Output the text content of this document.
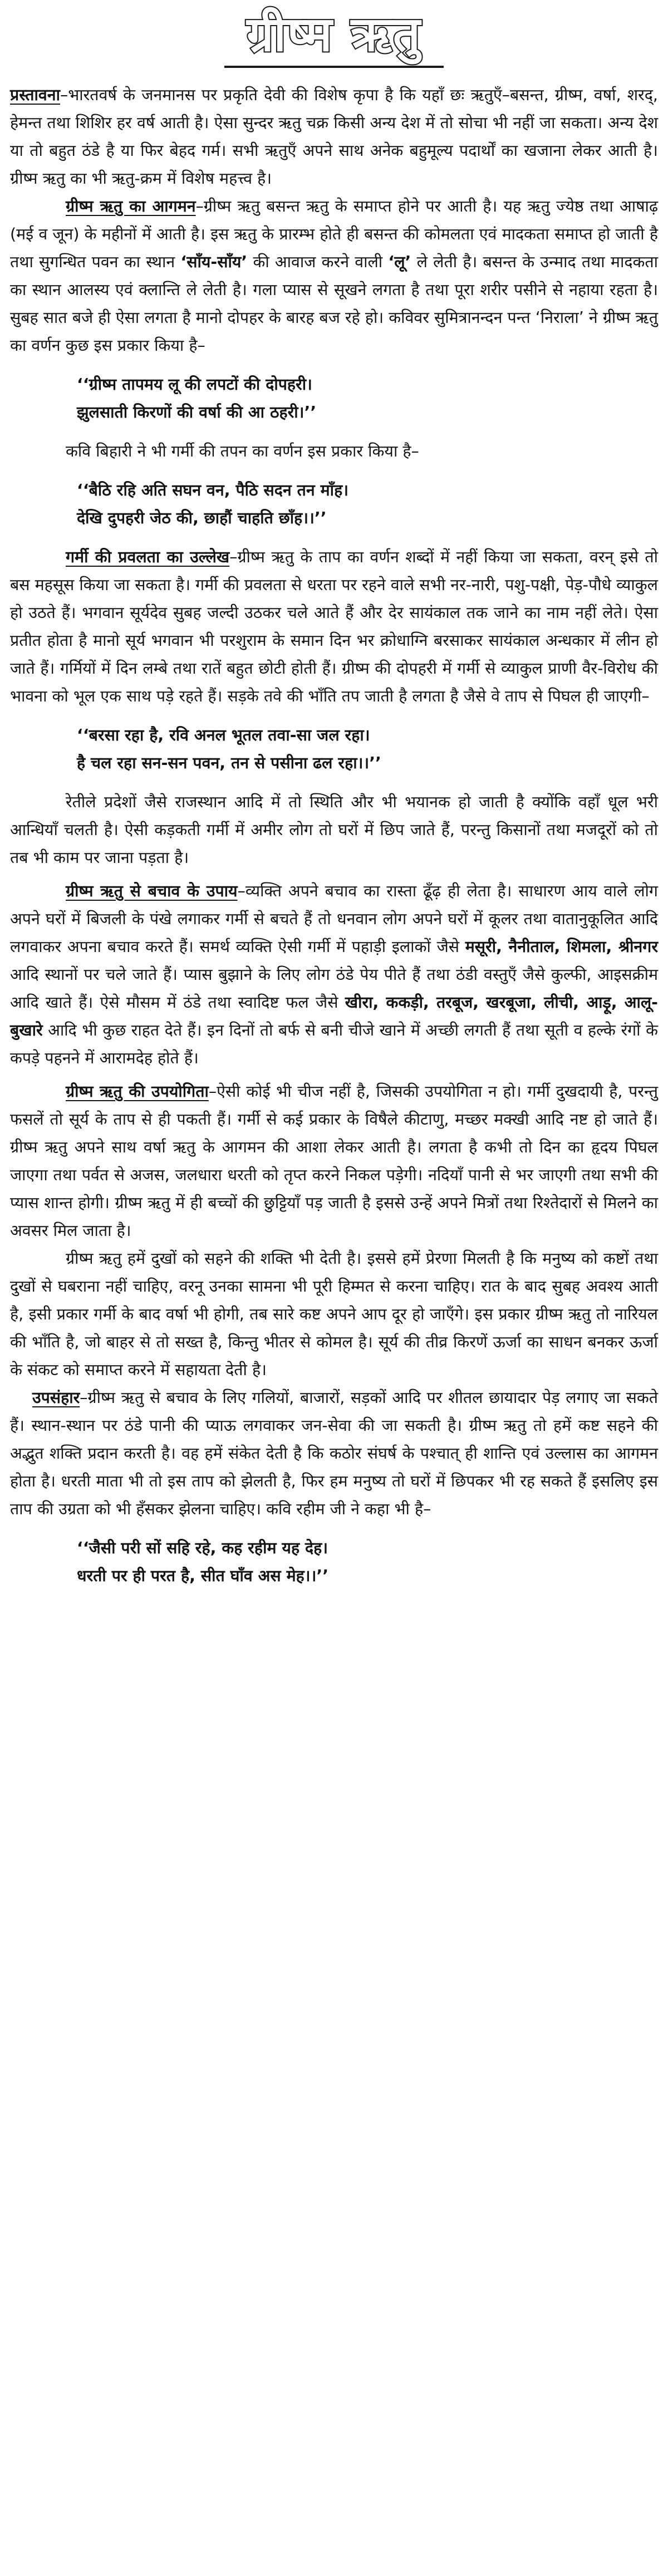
ग्रीष्म ऋतु

प्रस्तावना–भारतवर्ष के जनमानस पर प्रकृति देवी की विशेष कृपा है कि यहाँ छः ऋतुएँ–बसन्त, ग्रीष्म, वर्षा, शरद्, हेमन्त तथा शिशिर हर वर्ष आती है। ऐसा सुन्दर ऋतु चक्र किसी अन्य देश में तो सोचा भी नहीं जा सकता। अन्य देश या तो बहुत ठंडे है या फिर बेहद गर्म। सभी ऋतुएँ अपने साथ अनेक बहुमूल्य पदार्थों का खजाना लेकर आती है। ग्रीष्म ऋतु का भी ऋतु-क्रम में विशेष महत्त्व है।

ग्रीष्म ऋतु का आगमन–ग्रीष्म ऋतु बसन्त ऋतु के समाप्त होने पर आती है। यह ऋतु ज्येष्ठ तथा आषाढ़ (मई व जून) के महीनों में आती है। इस ऋतु के प्रारम्भ होते ही बसन्त की कोमलता एवं मादकता समाप्त हो जाती है तथा सुगन्धित पवन का स्थान ‘साँय-साँय’ की आवाज करने वाली ‘लू’ ले लेती है। बसन्त के उन्माद तथा मादकता का स्थान आलस्य एवं क्लान्ति ले लेती है। गला प्यास से सूखने लगता है तथा पूरा शरीर पसीने से नहाया रहता है। सुबह सात बजे ही ऐसा लगता है मानो दोपहर के बारह बज रहे हो। कविवर सुमित्रानन्दन पन्त ‘निराला’ ने ग्रीष्म ऋतु का वर्णन कुछ इस प्रकार किया है–

‘‘ग्रीष्म तापमय लू की लपटों की दोपहरी।
झुलसाती किरणों की वर्षा की आ ठहरी।’’

कवि बिहारी ने भी गर्मी की तपन का वर्णन इस प्रकार किया है–

‘‘बैठि रहि अति सघन वन, पैठि सदन तन माँह।
देखि दुपहरी जेठ की, छाहौं चाहति छाँह।।’’

गर्मी की प्रवलता का उल्लेख–ग्रीष्म ऋतु के ताप का वर्णन शब्दों में नहीं किया जा सकता, वरन् इसे तो बस महसूस किया जा सकता है। गर्मी की प्रवलता से धरता पर रहने वाले सभी नर-नारी, पशु-पक्षी, पेड़-पौधे व्याकुल हो उठते हैं। भगवान सूर्यदेव सुबह जल्दी उठकर चले आते हैं और देर सायंकाल तक जाने का नाम नहीं लेते। ऐसा प्रतीत होता है मानो सूर्य भगवान भी परशुराम के समान दिन भर क्रोधाग्नि बरसाकर सायंकाल अन्धकार में लीन हो जाते हैं। गर्मियों में दिन लम्बे तथा रातें बहुत छोटी होती हैं। ग्रीष्म की दोपहरी में गर्मी से व्याकुल प्राणी वैर-विरोध की भावना को भूल एक साथ पड़े रहते हैं। सड़के तवे की भाँति तप जाती है लगता है जैसे वे ताप से पिघल ही जाएगी–

‘‘बरसा रहा है, रवि अनल भूतल तवा-सा जल रहा।
है चल रहा सन-सन पवन, तन से पसीना ढल रहा।।’’

रेतीले प्रदेशों जैसे राजस्थान आदि में तो स्थिति और भी भयानक हो जाती है क्योंकि वहाँ धूल भरी आन्धियाँ चलती है। ऐसी कड़कती गर्मी में अमीर लोग तो घरों में छिप जाते हैं, परन्तु किसानों तथा मजदूरों को तो तब भी काम पर जाना पड़ता है।

ग्रीष्म ऋतु से बचाव के उपाय–व्यक्ति अपने बचाव का रास्ता ढूँढ़ ही लेता है। साधारण आय वाले लोग अपने घरों में बिजली के पंखे लगाकर गर्मी से बचते हैं तो धनवान लोग अपने घरों में कूलर तथा वातानुकूलित आदि लगवाकर अपना बचाव करते हैं। समर्थ व्यक्ति ऐसी गर्मी में पहाड़ी इलाकों जैसे मसूरी, नैनीताल, शिमला, श्रीनगर आदि स्थानों पर चले जाते हैं। प्यास बुझाने के लिए लोग ठंडे पेय पीते हैं तथा ठंडी वस्तुएँ जैसे कुल्फी, आइसक्रीम आदि खाते हैं। ऐसे मौसम में ठंडे तथा स्वादिष्ट फल जैसे खीरा, ककड़ी, तरबूज, खरबूजा, लीची, आड़ू, आलू-बुखारे आदि भी कुछ राहत देते हैं। इन दिनों तो बर्फ से बनी चीजे खाने में अच्छी लगती हैं तथा सूती व हल्के रंगों के कपड़े पहनने में आरामदेह होते हैं।

ग्रीष्म ऋतु की उपयोगिता–ऐसी कोई भी चीज नहीं है, जिसकी उपयोगिता न हो। गर्मी दुखदायी है, परन्तु फसलें तो सूर्य के ताप से ही पकती हैं। गर्मी से कई प्रकार के विषैले कीटाणु, मच्छर मक्खी आदि नष्ट हो जाते हैं। ग्रीष्म ऋतु अपने साथ वर्षा ऋतु के आगमन की आशा लेकर आती है। लगता है कभी तो दिन का हृदय पिघल जाएगा तथा पर्वत से अजस, जलधारा धरती को तृप्त करने निकल पड़ेगी। नदियाँ पानी से भर जाएगी तथा सभी की प्यास शान्त होगी। ग्रीष्म ऋतु में ही बच्चों की छुट्टियाँ पड़ जाती है इससे उन्हें अपने मित्रों तथा रिश्तेदारों से मिलने का अवसर मिल जाता है।

ग्रीष्म ऋतु हमें दुखों को सहने की शक्ति भी देती है। इससे हमें प्रेरणा मिलती है कि मनुष्य को कष्टों तथा दुखों से घबराना नहीं चाहिए, वरनू उनका सामना भी पूरी हिम्मत से करना चाहिए। रात के बाद सुबह अवश्य आती है, इसी प्रकार गर्मी के बाद वर्षा भी होगी, तब सारे कष्ट अपने आप दूर हो जाएँगे। इस प्रकार ग्रीष्म ऋतु तो नारियल की भाँति है, जो बाहर से तो सख्त है, किन्तु भीतर से कोमल है। सूर्य की तीव्र किरणें ऊर्जा का साधन बनकर ऊर्जा के संकट को समाप्त करने में सहायता देती है।

उपसंहार–ग्रीष्म ऋतु से बचाव के लिए गलियों, बाजारों, सड़कों आदि पर शीतल छायादार पेड़ लगाए जा सकते हैं। स्थान-स्थान पर ठंडे पानी की प्याऊ लगवाकर जन-सेवा की जा सकती है। ग्रीष्म ऋतु तो हमें कष्ट सहने की अद्भुत शक्ति प्रदान करती है। वह हमें संकेत देती है कि कठोर संघर्ष के पश्चात् ही शान्ति एवं उल्लास का आगमन होता है। धरती माता भी तो इस ताप को झेलती है, फिर हम मनुष्य तो घरों में छिपकर भी रह सकते हैं इसलिए इस ताप की उग्रता को भी हँसकर झेलना चाहिए। कवि रहीम जी ने कहा भी है–

‘‘जैसी परी सों सहि रहे, कह रहीम यह देह।
धरती पर ही परत है, सीत घाँव अस मेह।।’’
